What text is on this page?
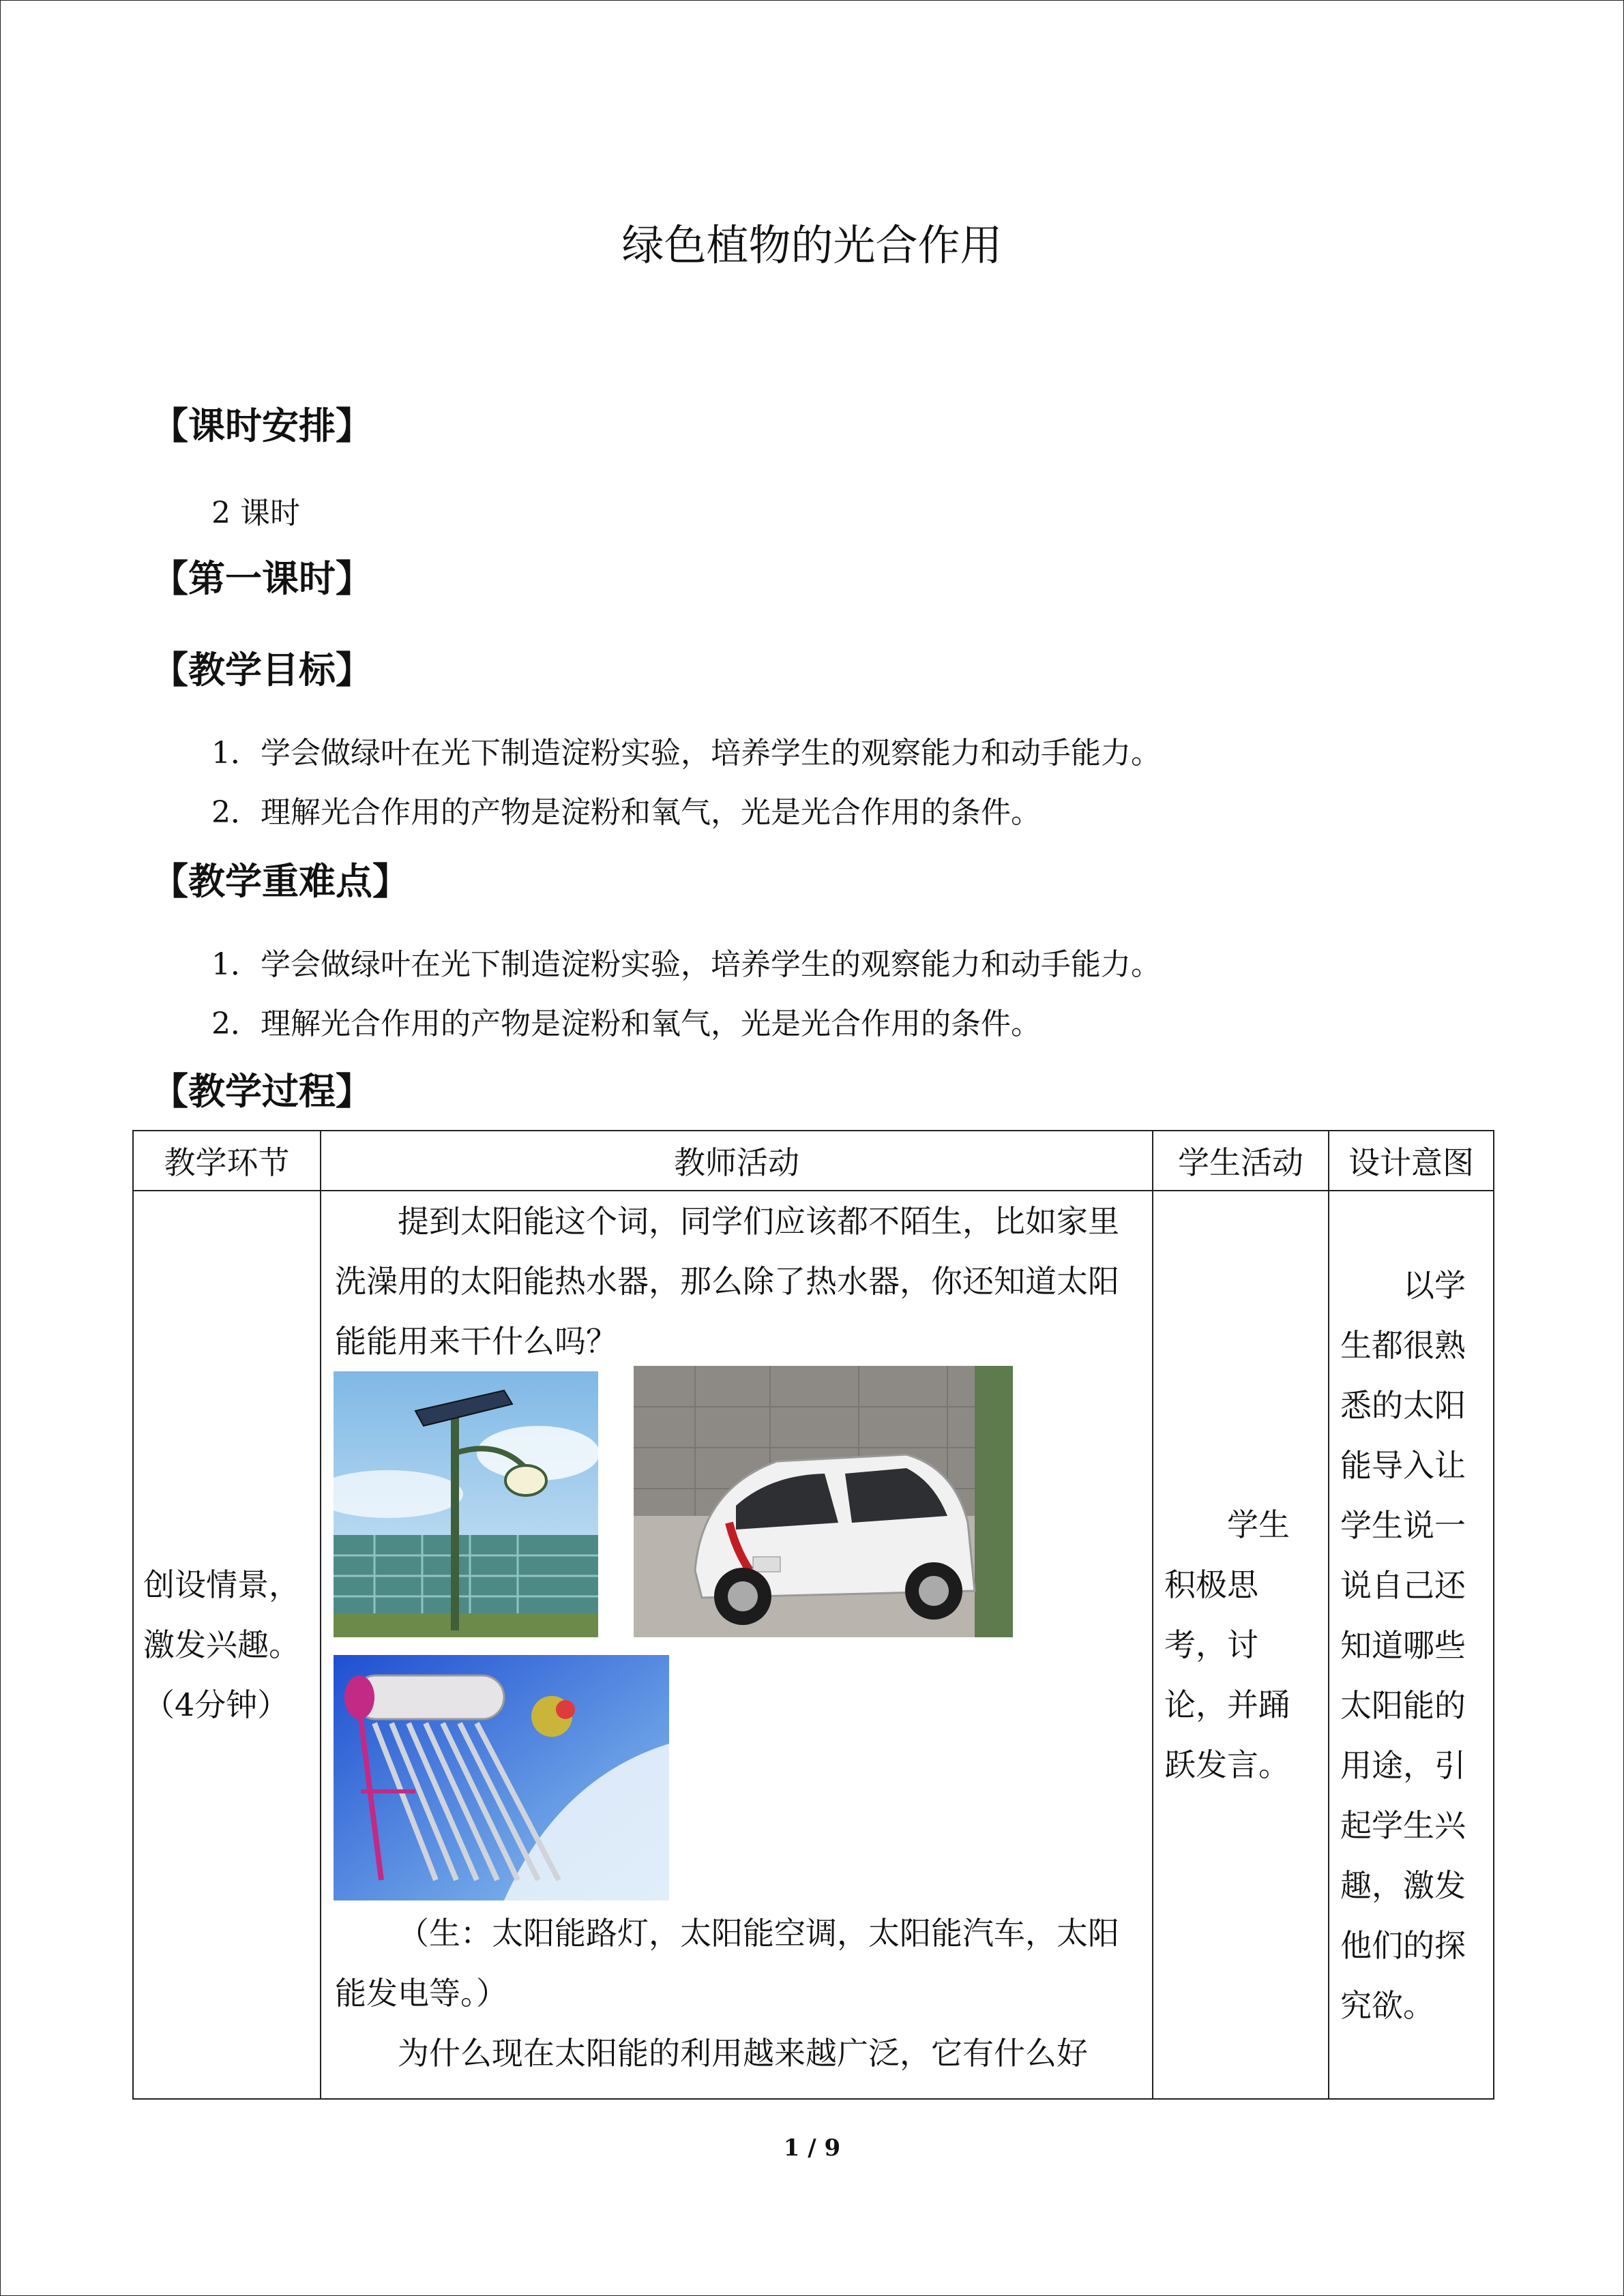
绿色植物的光合作用
【课时安排】
2 课时
【第一课时】
【教学目标】
1．学会做绿叶在光下制造淀粉实验，培养学生的观察能力和动手能力。
2．理解光合作用的产物是淀粉和氧气，光是光合作用的条件。
【教学重难点】
1．学会做绿叶在光下制造淀粉实验，培养学生的观察能力和动手能力。
2．理解光合作用的产物是淀粉和氧气，光是光合作用的条件。
【教学过程】
教学环节	教师活动	学生活动	设计意图

创设情景，激发兴趣。（4分钟）	提到太阳能这个词，同学们应该都不陌生，比如家里洗澡用的太阳能热水器，那么除了热水器，你还知道太阳能能用来干什么吗？

（生：太阳能路灯，太阳能空调，太阳能汽车，太阳能发电等。）

为什么现在太阳能的利用越来越广泛，它有什么好	学生积极思考，讨论，并踊跃发言。	以学生都很熟悉的太阳能导入让学生说一说自己还知道哪些太阳能的用途，引起学生兴趣，激发他们的探究欲。
1 / 9
